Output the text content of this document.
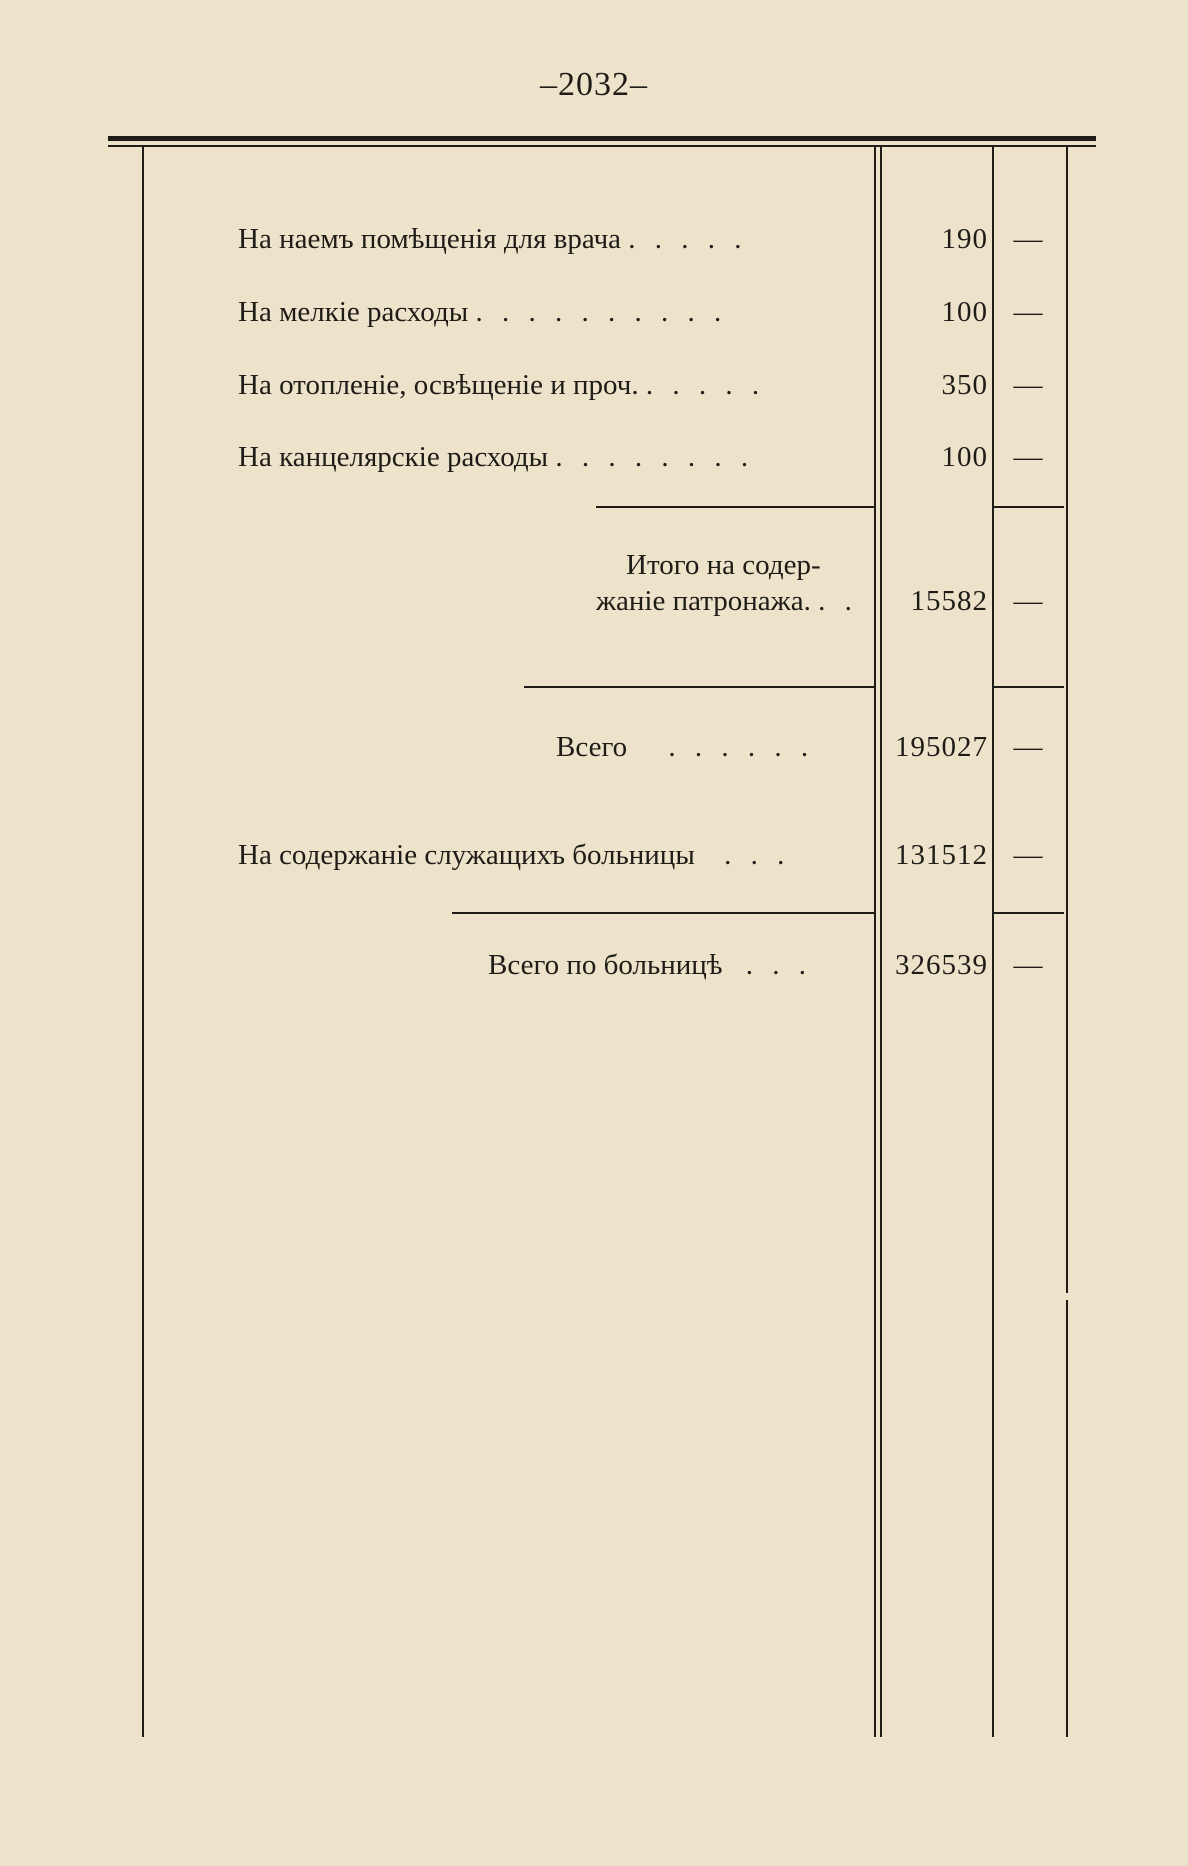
–2032–
На наемъ помѣщенія для врача . . . . .	190 —
На мелкіе расходы . . . . . . . . . .	100 —
На отопленіе, освѣщеніе и проч. . . . . .	350 —
На канцелярскіе расходы . . . . . . . .	100 —
Итого на содер-
жаніе патронажа. . .	15582 —
Всего . . . . . .	195027 —
На содержаніе служащихъ больницы . . .	131512 —
Всего по больницѣ . . .	326539 —
